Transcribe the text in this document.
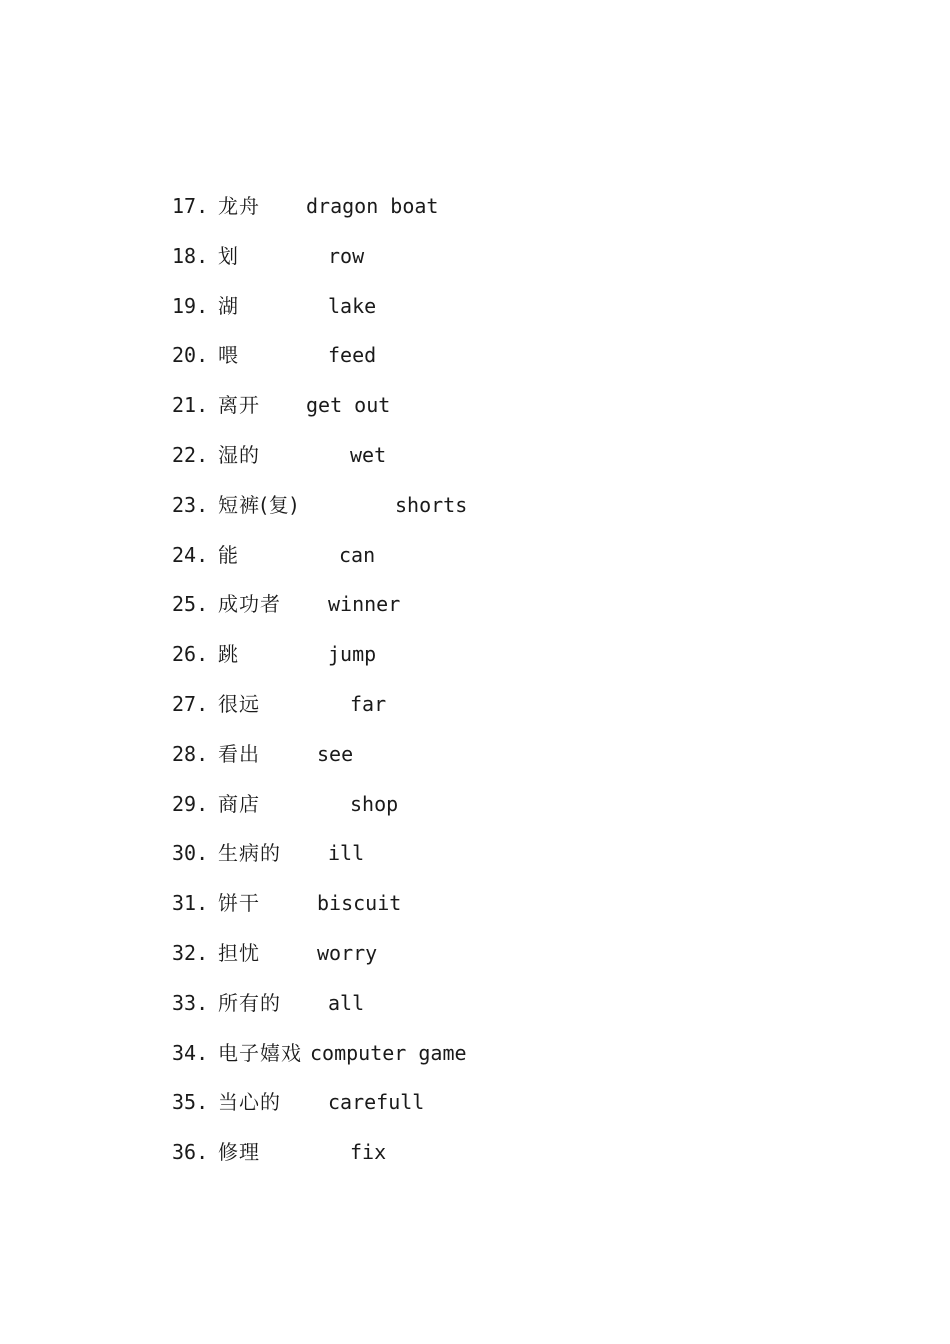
17. 龙舟 dragon boat
18. 划	row
19. 湖	lake
20. 喂	feed
21. 离开 get out
22. 湿的	wet
23. 短裤(复)	shorts
24. 能	can
25. 成功者 winner
26. 跳	jump
27. 很远	far
28. 看出	see
29. 商店	shop
30. 生病的 ill
31. 饼干	biscuit
32. 担忧	worry
33. 所有的 all
34. 电子嬉戏 computer game
35. 当心的 carefull
36. 修理	fix
